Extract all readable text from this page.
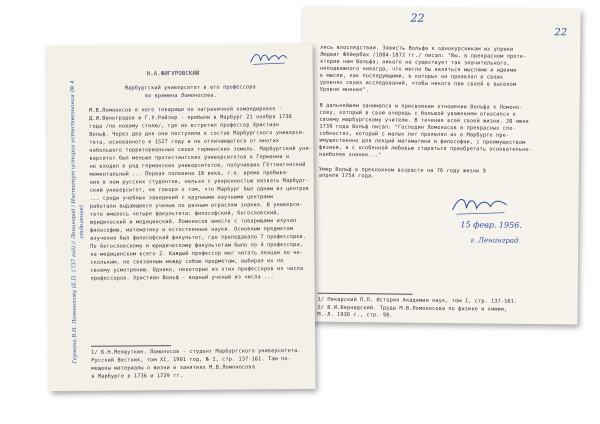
22
22
лись впоследствии. Зависть Вольфа к однокурсникам их упреки
Людвиг Фёйербах /1804-1872 гг./ писал: "Вы, в прекрасном проте-
ктории нам Вольфа; никого не существует так значительного,
неподвижного никогда, что могло бы являться мыслями и идеями
в мысли, как последующими, в которых он проявлял в своих
уровнях своих исследований, чтобы никого при своей в высоком
Уровне мнения".
В дальнейшем занимался и присвоении отношении Вольфа к Ломоно-
сову, который в свою очередь с большой уважением относился к
своему марбургскому учителю. В течение всей своей жизни. 20 июня
1739 года Вольф писал: "Господин Ломоносов в прекрасных спо-
собностях, который с малых лет проявлял их в Марбурге пре-
имущественно для лекций математики и философии, с преимуществом
физики, и с особенной любовью стараться приобретать основательно-
наиболее знания..."
Умер Вольф в преклонном возрасте на 76 году жизни 9 апреля 1754 года.
15 февр. 1956.
г. Ленинград
1/ Пекарский П.П. История Академии наук, том I, стр. 137-161.
2/ В.И.Вернадский. Труды М.В.Ломоносова по физике и химии,
М.-Л. 1936 г., стр. 98.
Н.А.ФИГУРОВСКИЙ
Марбургский университет в его профессора
во времена Ломоносова.
М.В.Ломоносов в него товарищи по заграничной командировке -
Д.И.Виноградов и Г.У.Райзер - прибыли в Марбург 21 ноября 1736
года /по новому стилю/, где их встретил профессор Христиан
Вольф. Через два дня они поступили в состав Марбургского универси-
тета, основанного в 1527 году и не отличающегося от многих
небольшого территориальных своих германских земель. Марбургский уни-
верситет был меньше протестантских университетов в Германии и
не входил в ряд германских университетов, получивших Гёттингенский
моментальный ... Первая половина 18 века, т.е. время пребыва-
ния в нем русских студентов, нельзя с уверенностью назвать Марбург-
ский университет, не говоря о том, что Марбург был одним из центров
... среди учебных заведений с крупными научными центрами
работали выдающиеся ученые по разным отраслям знания. В универси-
тете имелось четыре факультета: философский, богословский,
юридический и медицинский. Ломоносов вместе с товарищами изучал
философию, математику и естественные науки. Основным предметом
изучения был философский факультет, где преподавало 7 профессоров.
По богословскому и юридическому факультетам было по 4 профессора,
на медицинском всего 2. Каждый профессор мог читать лекции по не-
скольким, не связанным между собою предметам, выбирая их по
своему усмотрению. Однако, некоторые из этих профессоров из числа
профессоров. Христиан Вольф - видный ученый из числа ...
Германа В.Н. Ломоносову (Б.П. 1737 год) // Ленинград / Институт истории естествознания (№ 4 отделение)
1/ Б.Н.Меншуткин. Ломоносов - студент Марбургского университета.
Русский Вестник, том XI, 1901 год, № 1, стр. 137-161. Там по-
мещены материалы о жизни и занятиях М.В.Ломоносова
в Марбурге в 1736 и 1739 гг.
